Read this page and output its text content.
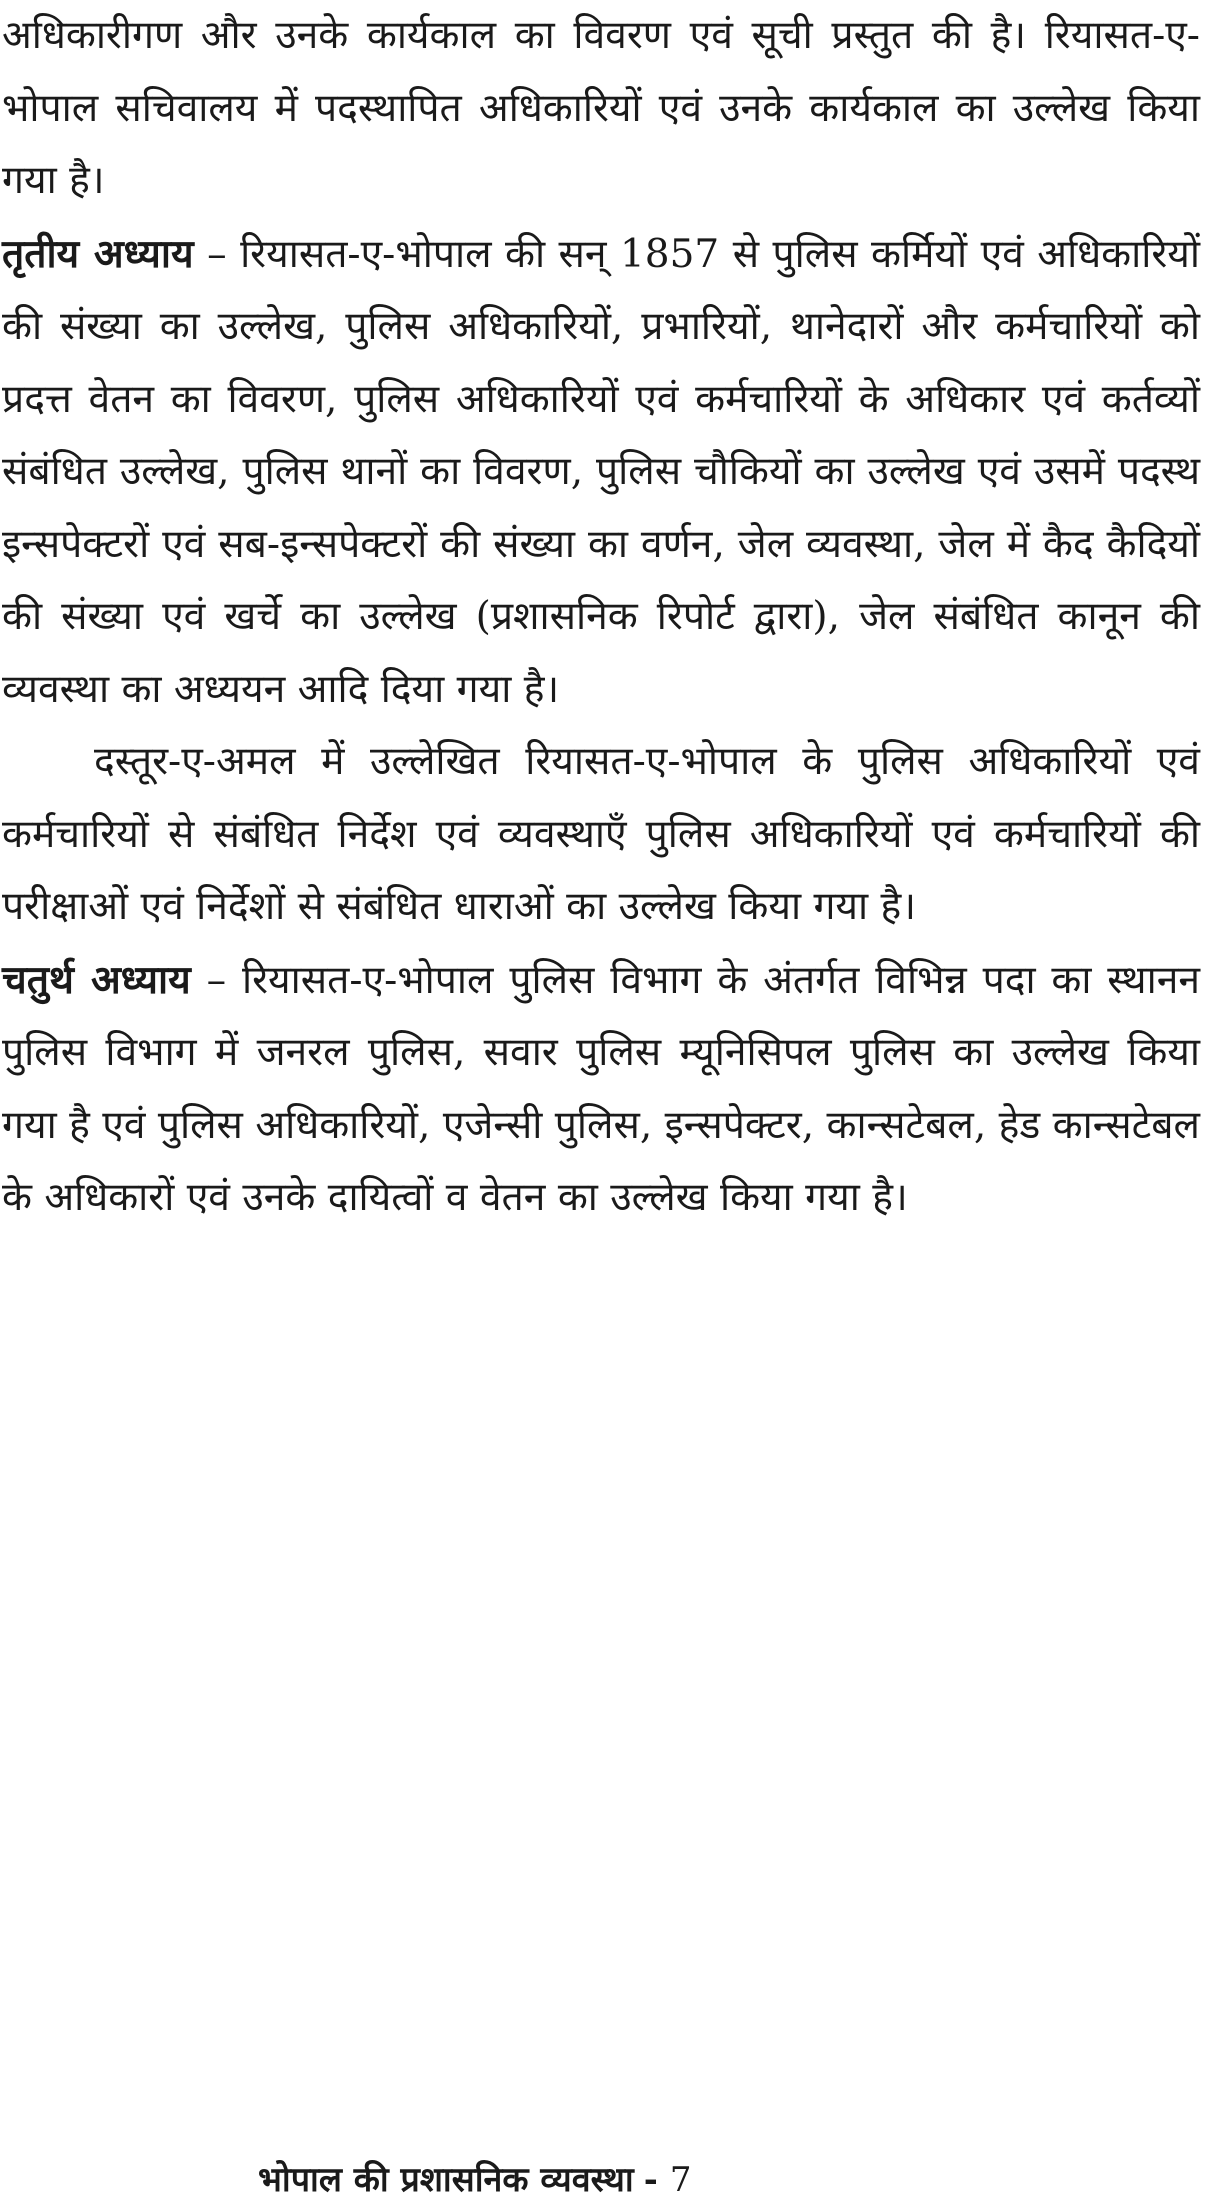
अधिकारीगण और उनके कार्यकाल का विवरण एवं सूची प्रस्तुत की है। रियासत-ए-भोपाल सचिवालय में पदस्थापित अधिकारियों एवं उनके कार्यकाल का उल्लेख किया गया है।

तृतीय अध्याय – रियासत-ए-भोपाल की सन् 1857 से पुलिस कर्मियों एवं अधिकारियों की संख्या का उल्लेख, पुलिस अधिकारियों, प्रभारियों, थानेदारों और कर्मचारियों को प्रदत्त वेतन का विवरण, पुलिस अधिकारियों एवं कर्मचारियों के अधिकार एवं कर्तव्यों संबंधित उल्लेख, पुलिस थानों का विवरण, पुलिस चौकियों का उल्लेख एवं उसमें पदस्थ इन्सपेक्टरों एवं सब-इन्सपेक्टरों की संख्या का वर्णन, जेल व्यवस्था, जेल में कैद कैदियों की संख्या एवं खर्चे का उल्लेख (प्रशासनिक रिपोर्ट द्वारा), जेल संबंधित कानून की व्यवस्था का अध्ययन आदि दिया गया है।

दस्तूर-ए-अमल में उल्लेखित रियासत-ए-भोपाल के पुलिस अधिकारियों एवं कर्मचारियों से संबंधित निर्देश एवं व्यवस्थाएँ पुलिस अधिकारियों एवं कर्मचारियों की परीक्षाओं एवं निर्देशों से संबंधित धाराओं का उल्लेख किया गया है।

चतुर्थ अध्याय – रियासत-ए-भोपाल पुलिस विभाग के अंतर्गत विभिन्न पदा का स्थानन पुलिस विभाग में जनरल पुलिस, सवार पुलिस म्यूनिसिपल पुलिस का उल्लेख किया गया है एवं पुलिस अधिकारियों, एजेन्सी पुलिस, इन्सपेक्टर, कान्सटेबल, हेड कान्सटेबल के अधिकारों एवं उनके दायित्वों व वेतन का उल्लेख किया गया है।

भोपाल की प्रशासनिक व्यवस्था - 7
